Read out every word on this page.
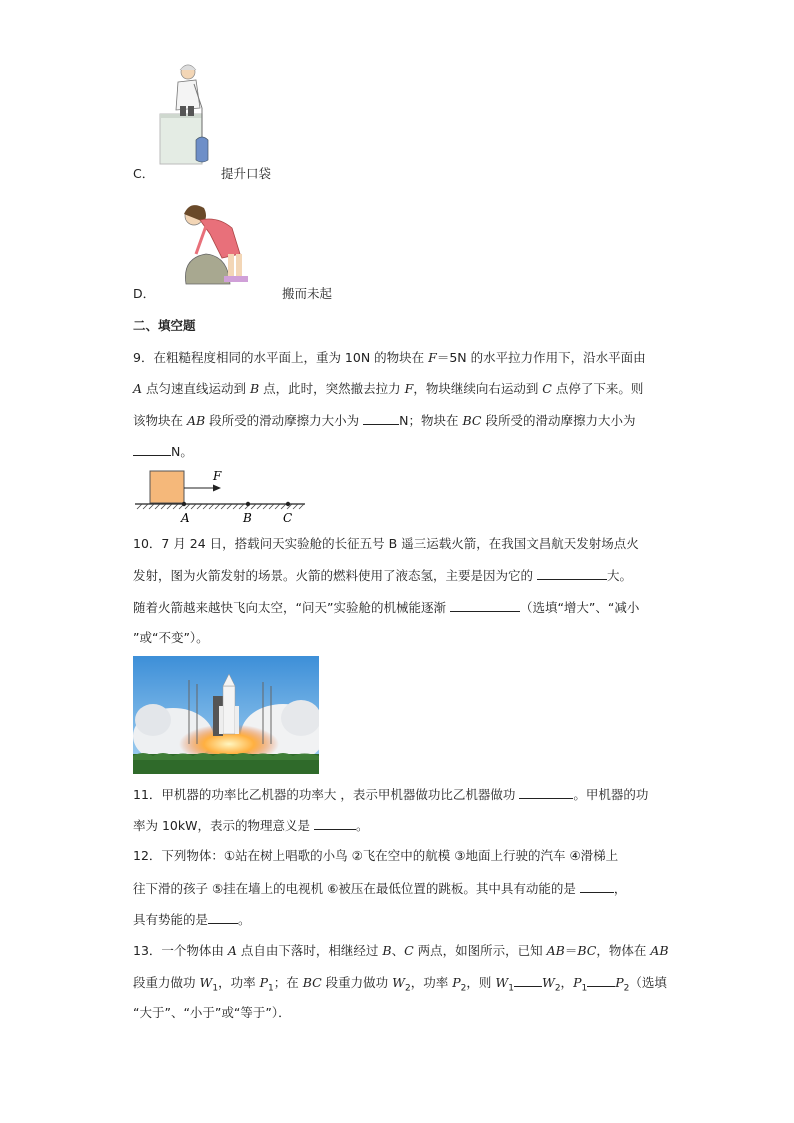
C．	提升口袋
D．	搬而未起
二、填空题
9．在粗糙程度相同的水平面上，重为 10N 的物块在 F＝5N 的水平拉力作用下，沿水平面由
A 点匀速直线运动到 B 点，此时，突然撤去拉力 F，物块继续向右运动到 C 点停了下来。则
该物块在 AB 段所受的滑动摩擦力大小为	N；物块在 BC 段所受的滑动摩擦力大小为
N。
F
A	B	C
10．7 月 24 日，搭载问天实验舱的长征五号 B 遥三运载火箭，在我国文昌航天发射场点火
发射，图为火箭发射的场景。火箭的燃料使用了液态氢，主要是因为它的	大。
随着火箭越来越快飞向太空，“问天”实验舱的机械能逐渐	（选填“增大”、“减小
”或“不变”）。
11．甲机器的功率比乙机器的功率大 ，表示甲机器做功比乙机器做功	。甲机器的功
率为 10kW，表示的物理意义是	。
12．下列物体：①站在树上唱歌的小鸟 ②飞在空中的航模 ③地面上行驶的汽车 ④滑梯上
往下滑的孩子 ⑤挂在墙上的电视机 ⑥被压在最低位置的跳板。其中具有动能的是	，
具有势能的是 。
13．一个物体由 A 点自由下落时，相继经过 B、C 两点，如图所示，已知 AB＝BC，物体在 AB
段重力做功 $W_1$，功率 $P_1$；在 BC 段重力做功 $W_2$，功率 $P_2$，则 $W_1$ $W_2$，$P_1$ $P_2$（选填
“大于”、“小于”或“等于”）．
